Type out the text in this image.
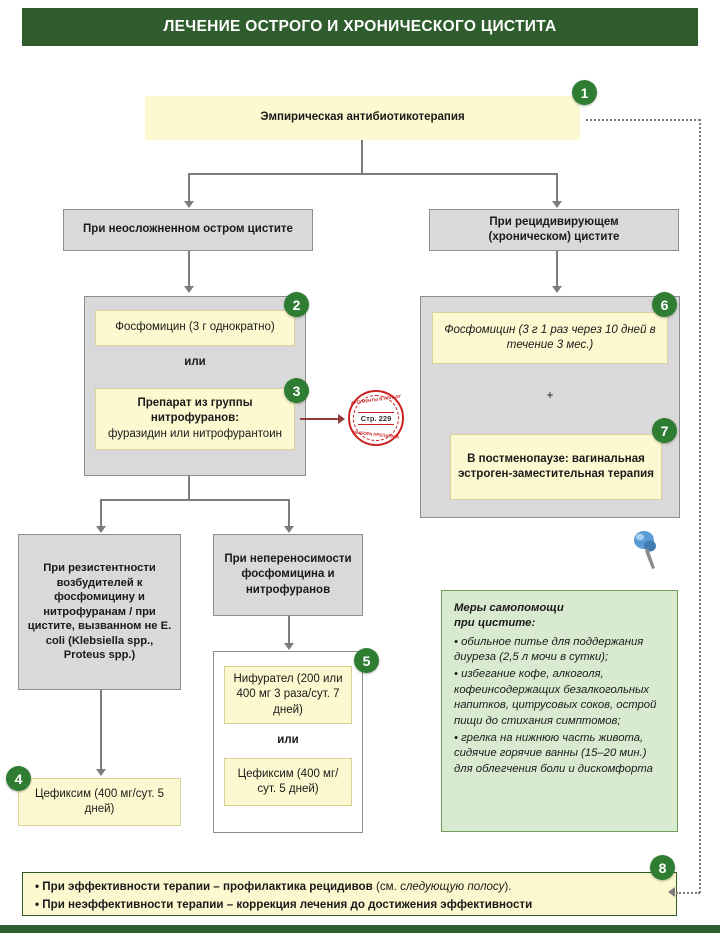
ЛЕЧЕНИЕ ОСТРОГО И ХРОНИЧЕСКОГО ЦИСТИТА
1
Эмпирическая антибиотикотерапия
При неосложненном остром цистите
При рецидивирующем
(хроническом) цистите
2
Фосфомицин (3 г однократно)
или
3
Препарат из группы нитрофуранов:
фуразидин или нитрофурантоин
АРГУМЕНТЫ В ПОЛЬЗУ
Стр. 229
ВЫБОРА ПРЕПАРАТА
6
Фосфомицин (3 г 1 раз через 10 дней в течение 3 мес.)
+
7
В постменопаузе: вагинальная эстроген-заместительная терапия
При резистентности возбудителей к фосфомицину и нитрофуранам / при цистите, вызванном не E. coli (Klebsiella spp., Proteus spp.)
При непереносимости фосфомицина и нитрофуранов
5
Нифурател (200 или 400 мг 3 раза/сут. 7 дней)
или
Цефиксим (400 мг/сут. 5 дней)
4
Цефиксим (400 мг/сут. 5 дней)
Меры самопомощи
при цистите:
• обильное питье для поддержания диуреза (2,5 л мочи в сутки);
• избегание кофе, алкоголя, кофеинсодержащих безалкогольных напитков, цитрусовых соков, острой пищи до стихания симптомов;
• грелка на нижнюю часть живота, сидячие горячие ванны (15–20 мин.) для облегчения боли и дискомфорта
8
• При эффективности терапии – профилактика рецидивов (см. следующую полосу).
• При неэффективности терапии – коррекция лечения до достижения эффективности
